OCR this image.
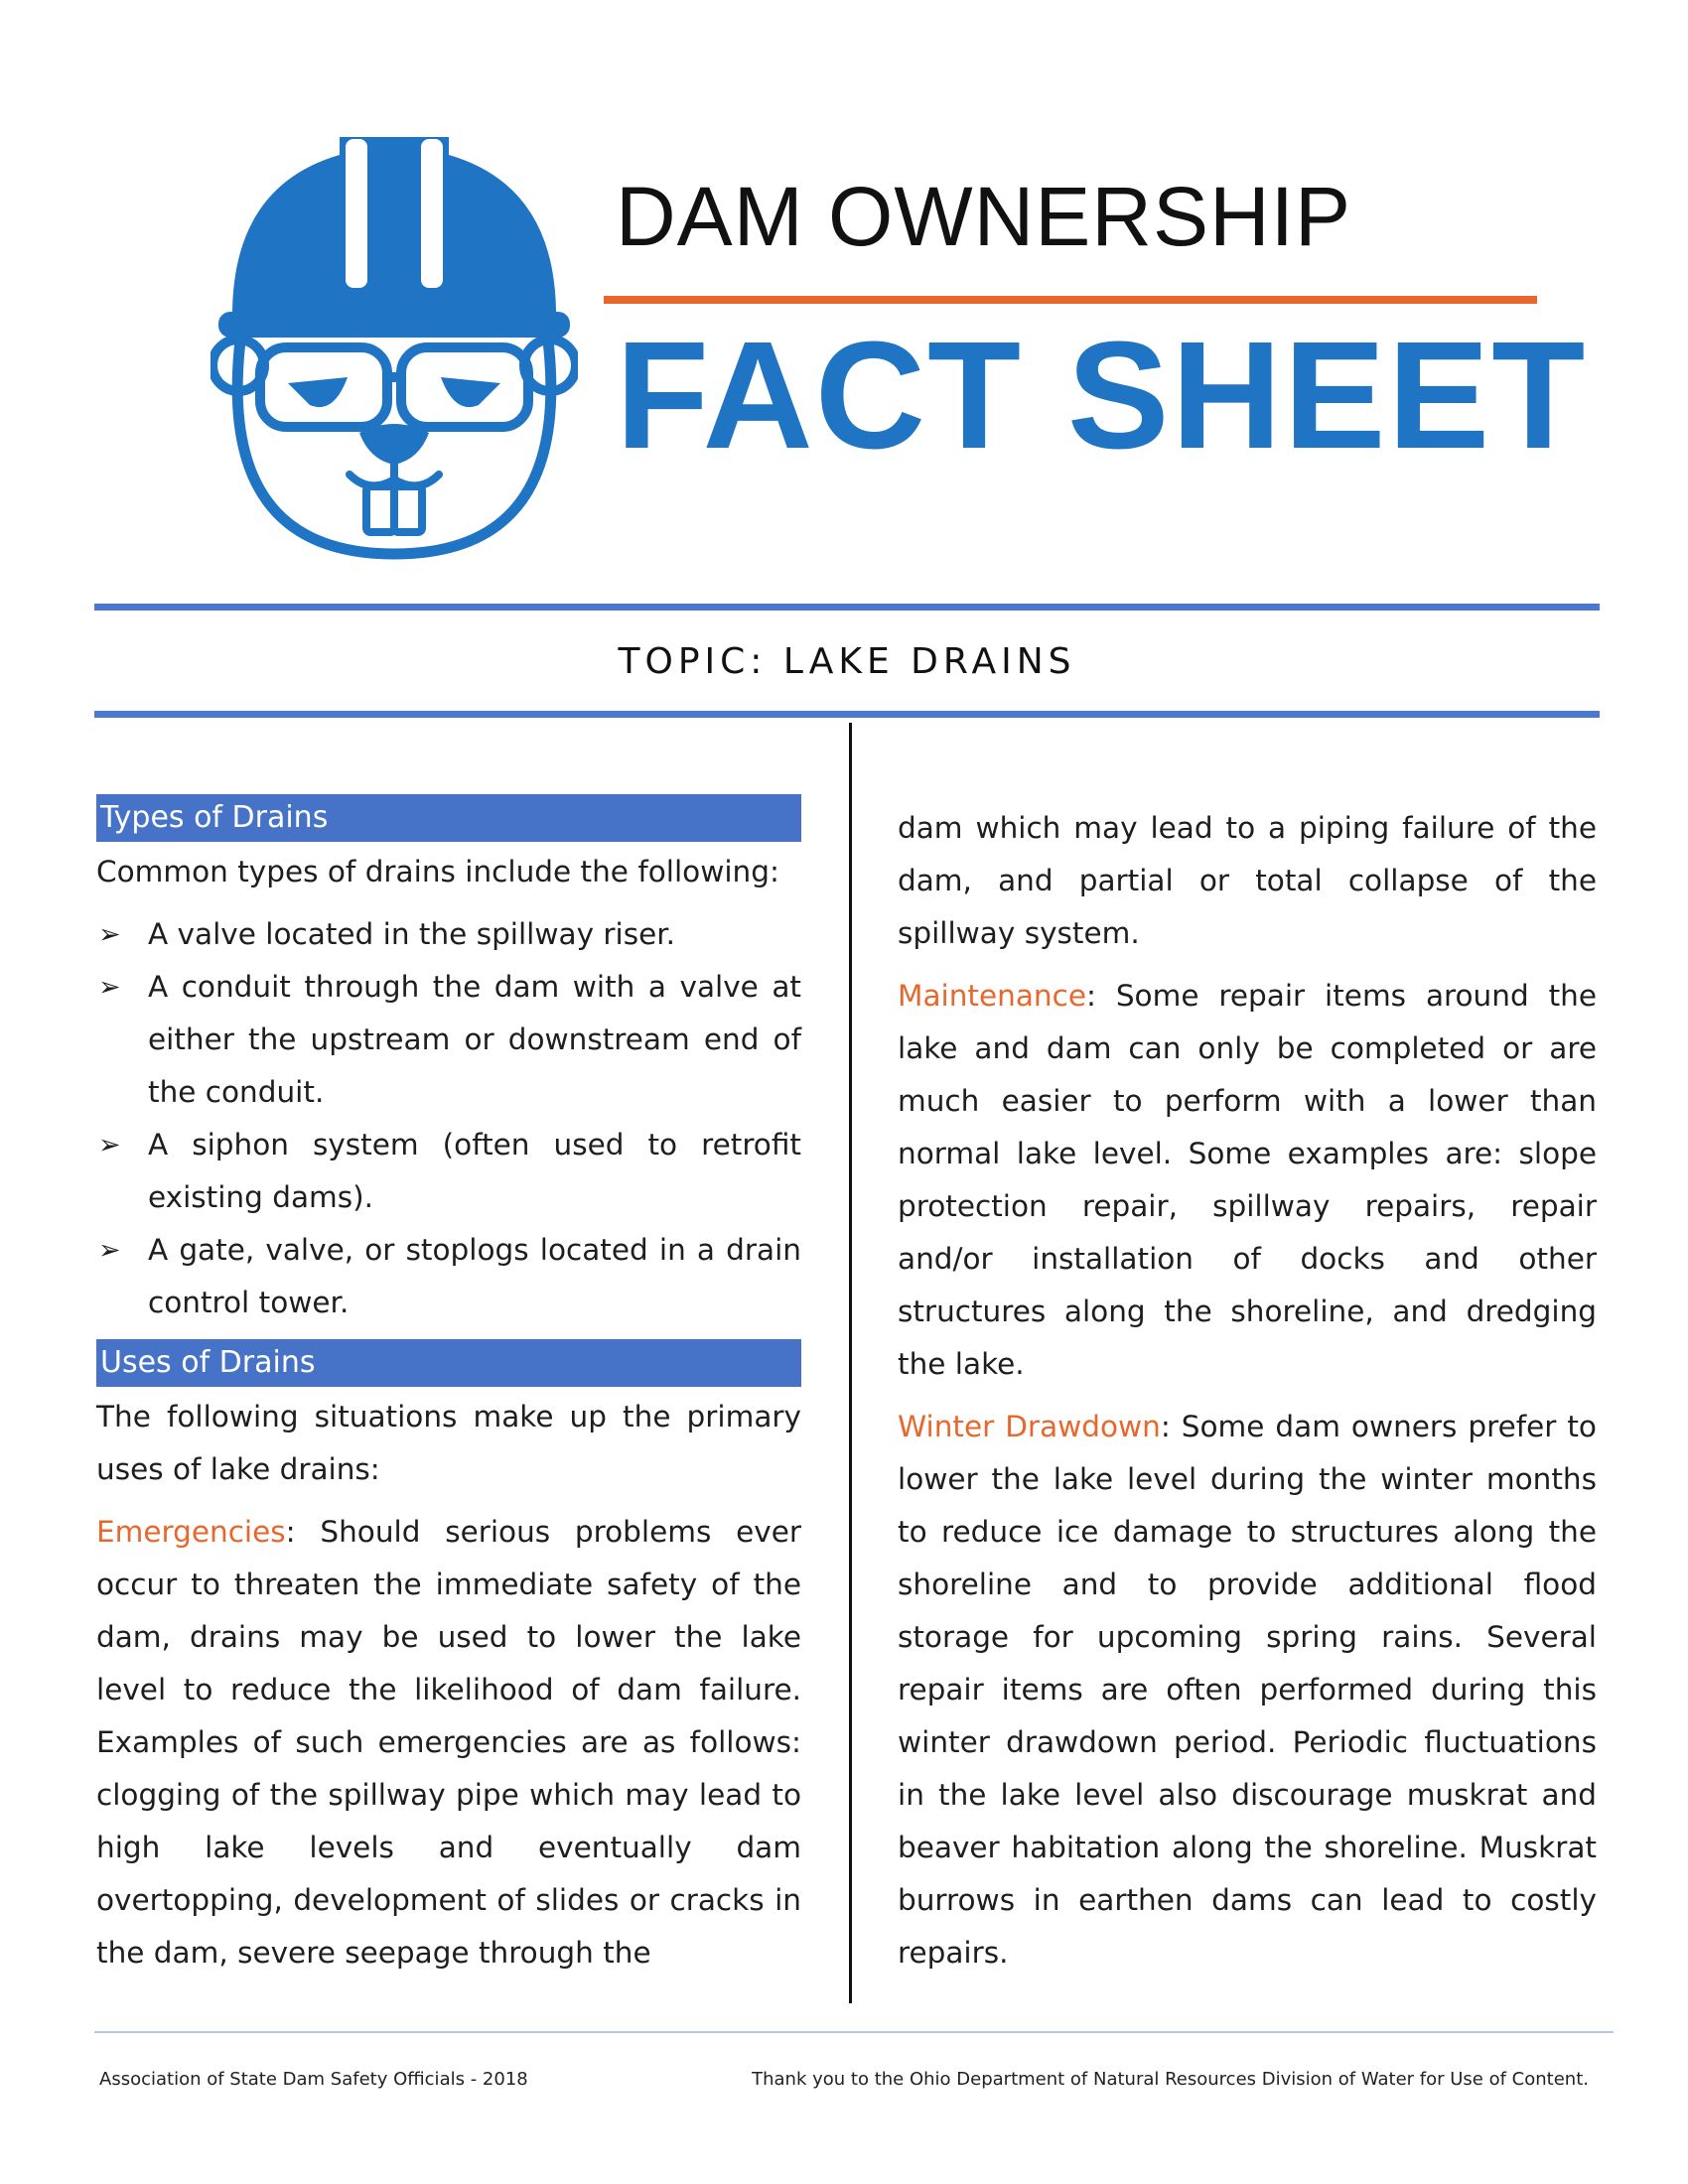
DAM OWNERSHIP
FACT SHEET
TOPIC: LAKE DRAINS
Types of Drains

Common types of drains include the following:

➢ A valve located in the spillway riser.
➢ A conduit through the dam with a valve at either the upstream or downstream end of the conduit.
➢ A siphon system (often used to retrofit existing dams).
➢ A gate, valve, or stoplogs located in a drain control tower.
Uses of Drains

The following situations make up the primary uses of lake drains:

Emergencies: Should serious problems ever occur to threaten the immediate safety of the dam, drains may be used to lower the lake level to reduce the likelihood of dam failure. Examples of such emergencies are as follows: clogging of the spillway pipe which may lead to high lake levels and eventually dam overtopping, development of slides or cracks in the dam, severe seepage through the

dam which may lead to a piping failure of the dam, and partial or total collapse of the spillway system.

Maintenance: Some repair items around the lake and dam can only be completed or are much easier to perform with a lower than normal lake level. Some examples are: slope protection repair, spillway repairs, repair and/or installation of docks and other structures along the shoreline, and dredging the lake.

Winter Drawdown: Some dam owners prefer to lower the lake level during the winter months to reduce ice damage to structures along the shoreline and to provide additional flood storage for upcoming spring rains. Several repair items are often performed during this winter drawdown period. Periodic fluctuations in the lake level also discourage muskrat and beaver habitation along the shoreline. Muskrat burrows in earthen dams can lead to costly repairs.

Association of State Dam Safety Officials - 2018	Thank you to the Ohio Department of Natural Resources Division of Water for Use of Content.
